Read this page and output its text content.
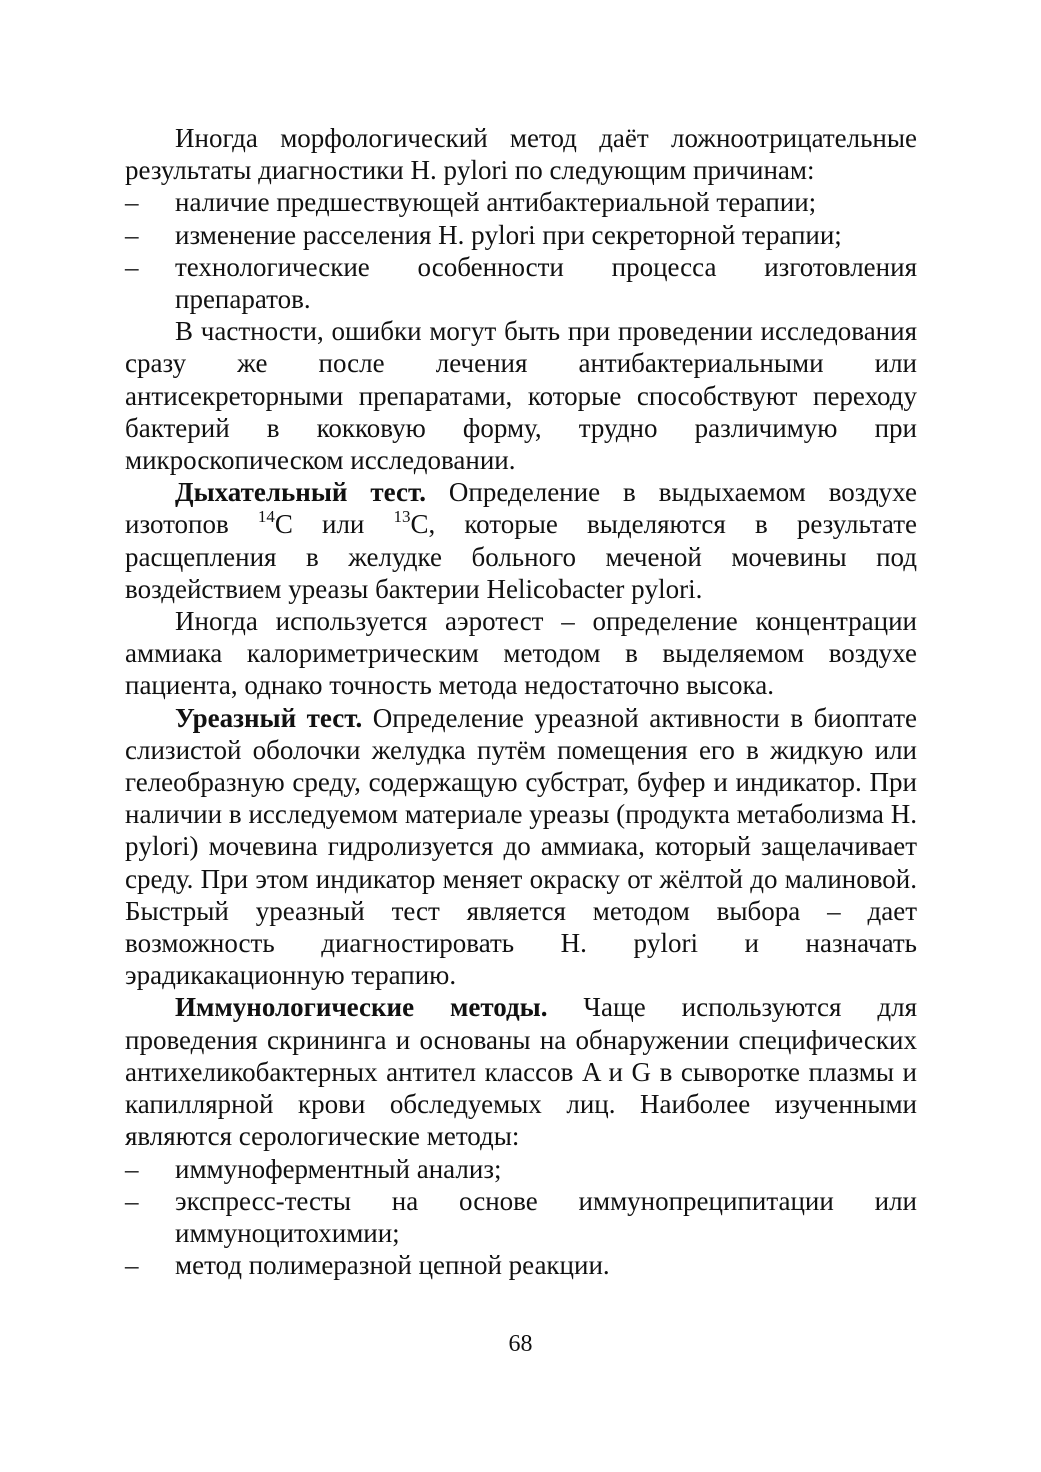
Иногда морфологический метод даёт ложноотрицательные результаты диагностики H. pylori по следующим причинам:

– наличие предшествующей антибактериальной терапии;
– изменение расселения H. pylori при секреторной терапии;
– технологические особенности процесса изготовления препаратов.

В частности, ошибки могут быть при проведении исследования сразу же после лечения антибактериальными или антисекреторными препаратами, которые способствуют переходу бактерий в кокковую форму, трудно различимую при микроскопическом исследовании.

Дыхательный тест. Определение в выдыхаемом воздухе изотопов $^{14}$C или $^{13}$C, которые выделяются в результате расщепления в желудке больного меченой мочевины под воздействием уреазы бактерии Helicobacter pylori.

Иногда используется аэротест – определение концентрации аммиака калориметрическим методом в выделяемом воздухе пациента, однако точность метода недостаточно высока.

Уреазный тест. Определение уреазной активности в биоптате слизистой оболочки желудка путём помещения его в жидкую или гелеобразную среду, содержащую субстрат, буфер и индикатор. При наличии в исследуемом материале уреазы (продукта метаболизма H. pylori) мочевина гидролизуется до аммиака, который защелачивает среду. При этом индикатор меняет окраску от жёлтой до малиновой. Быстрый уреазный тест является методом выбора – дает возможность диагностировать H. pylori и назначать эрадикакационную терапию.

Иммунологические методы. Чаще используются для проведения скрининга и основаны на обнаружении специфических антихеликобактерных антител классов A и G в сыворотке плазмы и капиллярной крови обследуемых лиц. Наиболее изученными являются серологические методы:

– иммуноферментный анализ;
– экспресс-тесты на основе иммунопреципитации или иммуноцитохимии;
– метод полимеразной цепной реакции.
68
